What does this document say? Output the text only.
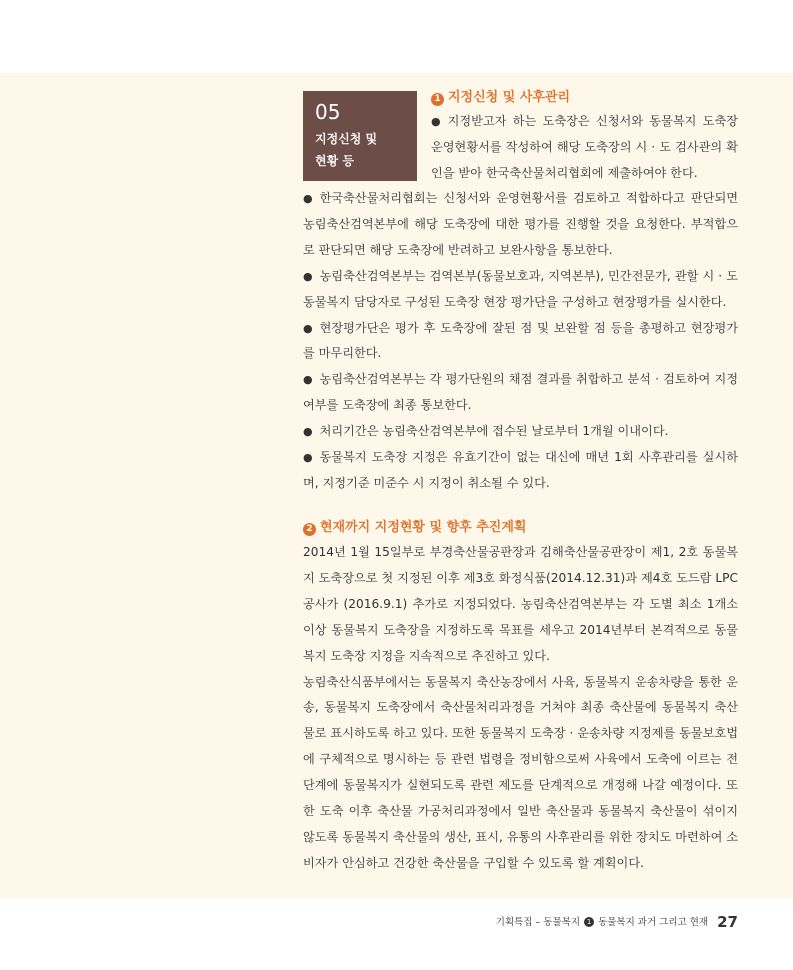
05
지정신청 및
현황 등
1 지정신청 및 사후관리

● 지정받고자 하는 도축장은 신청서와 동물복지 도축장 운영현황서를 작성하여 해당 도축장의 시 · 도 검사관의 확인을 받아 한국축산물처리협회에 제출하여야 한다.

● 한국축산물처리협회는 신청서와 운영현황서를 검토하고 적합하다고 판단되면 농림축산검역본부에 해당 도축장에 대한 평가를 진행할 것을 요청한다. 부적합으로 판단되면 해당 도축장에 반려하고 보완사항을 통보한다.

● 농림축산검역본부는 검역본부(동물보호과, 지역본부), 민간전문가, 관할 시 · 도 동물복지 담당자로 구성된 도축장 현장 평가단을 구성하고 현장평가를 실시한다.

● 현장평가단은 평가 후 도축장에 잘된 점 및 보완할 점 등을 총평하고 현장평가를 마무리한다.

● 농림축산검역본부는 각 평가단원의 채점 결과를 취합하고 분석 · 검토하여 지정여부를 도축장에 최종 통보한다.

● 처리기간은 농림축산검역본부에 접수된 날로부터 1개월 이내이다.

● 동물복지 도축장 지정은 유효기간이 없는 대신에 매년 1회 사후관리를 실시하며, 지정기준 미준수 시 지정이 취소될 수 있다.

2 현재까지 지정현황 및 향후 추진계획

2014년 1월 15일부로 부경축산물공판장과 김해축산물공판장이 제1, 2호 동물복지 도축장으로 첫 지정된 이후 제3호 화정식품(2014.12.31)과 제4호 도드람 LPC공사가 (2016.9.1) 추가로 지정되었다. 농림축산검역본부는 각 도별 최소 1개소 이상 동물복지 도축장을 지정하도록 목표를 세우고 2014년부터 본격적으로 동물복지 도축장 지정을 지속적으로 추진하고 있다.

농림축산식품부에서는 동물복지 축산농장에서 사육, 동물복지 운송차량을 통한 운송, 동물복지 도축장에서 축산물처리과정을 거쳐야 최종 축산물에 동물복지 축산물로 표시하도록 하고 있다. 또한 동물복지 도축장 · 운송차량 지정제를 동물보호법에 구체적으로 명시하는 등 관련 법령을 정비함으로써 사육에서 도축에 이르는 전 단계에 동물복지가 실현되도록 관련 제도를 단계적으로 개정해 나갈 예정이다. 또한 도축 이후 축산물 가공처리과정에서 일반 축산물과 동물복지 축산물이 섞이지 않도록 동물복지 축산물의 생산, 표시, 유통의 사후관리를 위한 장치도 마련하여 소비자가 안심하고 건강한 축산물을 구입할 수 있도록 할 계획이다.

기획특집 – 동물복지 1 동물복지 과거 그리고 현재 27
